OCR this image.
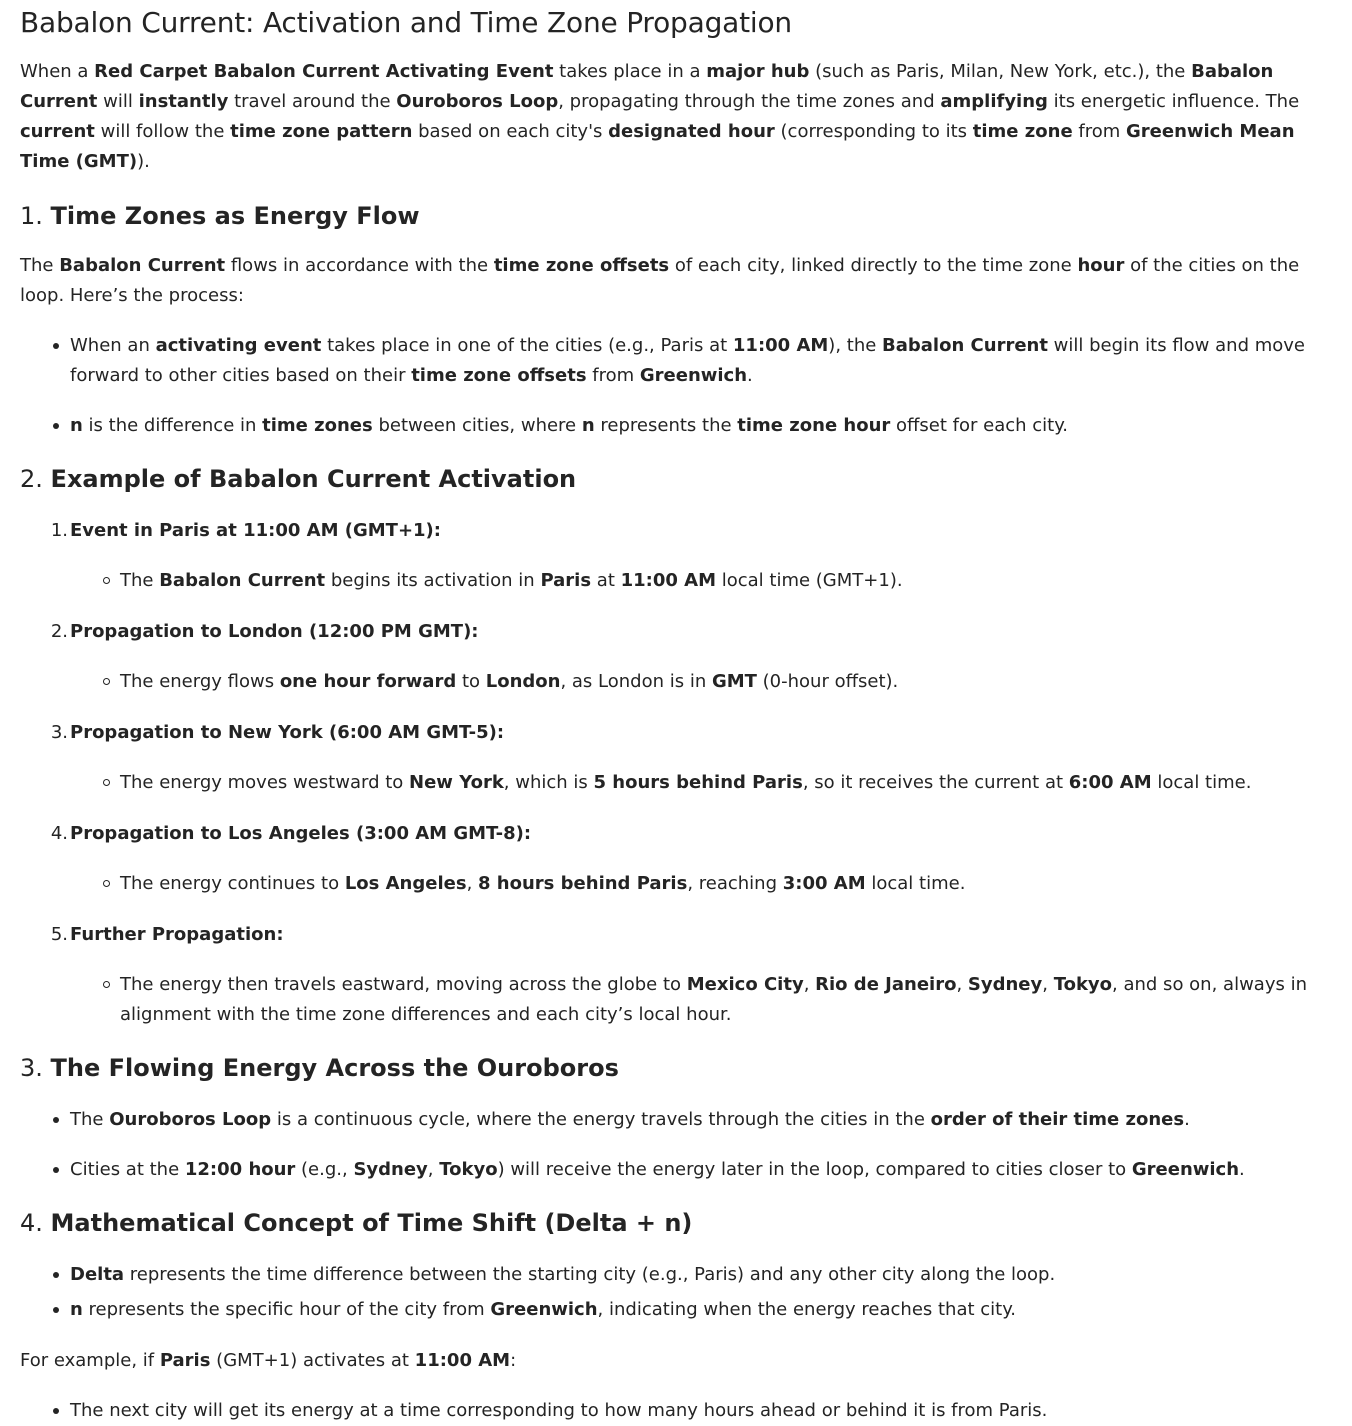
Babalon Current: Activation and Time Zone Propagation

When a Red Carpet Babalon Current Activating Event takes place in a major hub (such as Paris, Milan, New York, etc.), the Babalon Current will instantly travel around the Ouroboros Loop, propagating through the time zones and amplifying its energetic influence. The current will follow the time zone pattern based on each city's designated hour (corresponding to its time zone from Greenwich Mean Time (GMT)).

1. Time Zones as Energy Flow

The Babalon Current flows in accordance with the time zone offsets of each city, linked directly to the time zone hour of the cities on the loop. Here’s the process:

When an activating event takes place in one of the cities (e.g., Paris at 11:00 AM), the Babalon Current will begin its flow and move forward to other cities based on their time zone offsets from Greenwich.
n is the difference in time zones between cities, where n represents the time zone hour offset for each city.
2. Example of Babalon Current Activation
1. Event in Paris at 11:00 AM (GMT+1):
The Babalon Current begins its activation in Paris at 11:00 AM local time (GMT+1).
2. Propagation to London (12:00 PM GMT):
The energy flows one hour forward to London, as London is in GMT (0-hour offset).
3. Propagation to New York (6:00 AM GMT-5):
The energy moves westward to New York, which is 5 hours behind Paris, so it receives the current at 6:00 AM local time.
4. Propagation to Los Angeles (3:00 AM GMT-8):
The energy continues to Los Angeles, 8 hours behind Paris, reaching 3:00 AM local time.
5. Further Propagation:
The energy then travels eastward, moving across the globe to Mexico City, Rio de Janeiro, Sydney, Tokyo, and so on, always in alignment with the time zone differences and each city’s local hour.
3. The Flowing Energy Across the Ouroboros
The Ouroboros Loop is a continuous cycle, where the energy travels through the cities in the order of their time zones.
Cities at the 12:00 hour (e.g., Sydney, Tokyo) will receive the energy later in the loop, compared to cities closer to Greenwich.
4. Mathematical Concept of Time Shift (Delta + n)
Delta represents the time difference between the starting city (e.g., Paris) and any other city along the loop.
n represents the specific hour of the city from Greenwich, indicating when the energy reaches that city.

For example, if Paris (GMT+1) activates at 11:00 AM:

The next city will get its energy at a time corresponding to how many hours ahead or behind it is from Paris.
